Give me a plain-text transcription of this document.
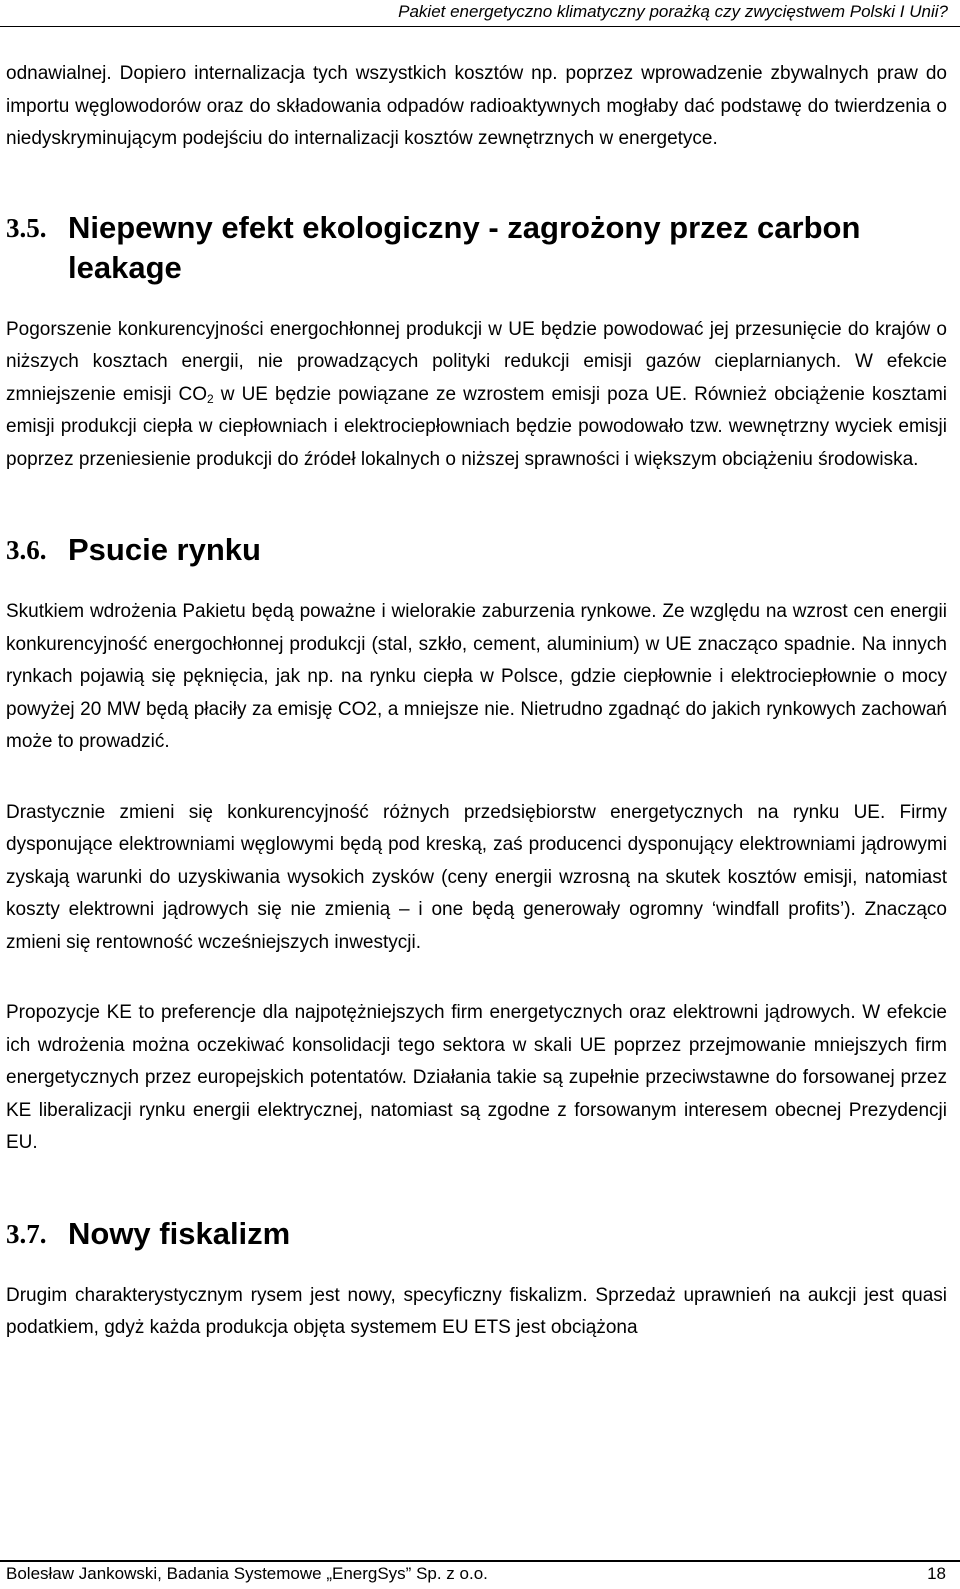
Pakiet energetyczno klimatyczny porażką czy zwycięstwem Polski I Unii?

odnawialnej. Dopiero internalizacja tych wszystkich kosztów np. poprzez wprowadzenie zbywalnych praw do importu węglowodorów oraz do składowania odpadów radioaktywnych mogłaby dać podstawę do twierdzenia o niedyskryminującym podejściu do internalizacji kosztów zewnętrznych w energetyce.

3.5. Niepewny efekt ekologiczny - zagrożony przez carbon leakage

Pogorszenie konkurencyjności energochłonnej produkcji w UE będzie powodować jej przesunięcie do krajów o niższych kosztach energii, nie prowadzących polityki redukcji emisji gazów cieplarnianych. W efekcie zmniejszenie emisji $CO_2$ w UE będzie powiązane ze wzrostem emisji poza UE. Również obciążenie kosztami emisji produkcji ciepła w ciepłowniach i elektrociepłowniach będzie powodowało tzw. wewnętrzny wyciek emisji poprzez przeniesienie produkcji do źródeł lokalnych o niższej sprawności i większym obciążeniu środowiska.

3.6. Psucie rynku

Skutkiem wdrożenia Pakietu będą poważne i wielorakie zaburzenia rynkowe. Ze względu na wzrost cen energii konkurencyjność energochłonnej produkcji (stal, szkło, cement, aluminium) w UE znacząco spadnie. Na innych rynkach pojawią się pęknięcia, jak np. na rynku ciepła w Polsce, gdzie ciepłownie i elektrociepłownie o mocy powyżej 20 MW będą płaciły za emisję CO2, a mniejsze nie. Nietrudno zgadnąć do jakich rynkowych zachowań może to prowadzić.

Drastycznie zmieni się konkurencyjność różnych przedsiębiorstw energetycznych na rynku UE. Firmy dysponujące elektrowniami węglowymi będą pod kreską, zaś producenci dysponujący elektrowniami jądrowymi zyskają warunki do uzyskiwania wysokich zysków (ceny energii wzrosną na skutek kosztów emisji, natomiast koszty elektrowni jądrowych się nie zmienią – i one będą generowały ogromny ‘windfall profits’). Znacząco zmieni się rentowność wcześniejszych inwestycji.

Propozycje KE to preferencje dla najpotężniejszych firm energetycznych oraz elektrowni jądrowych. W efekcie ich wdrożenia można oczekiwać konsolidacji tego sektora w skali UE poprzez przejmowanie mniejszych firm energetycznych przez europejskich potentatów. Działania takie są zupełnie przeciwstawne do forsowanej przez KE liberalizacji rynku energii elektrycznej, natomiast są zgodne z forsowanym interesem obecnej Prezydencji EU.

3.7. Nowy fiskalizm

Drugim charakterystycznym rysem jest nowy, specyficzny fiskalizm. Sprzedaż uprawnień na aukcji jest quasi podatkiem, gdyż każda produkcja objęta systemem EU ETS jest obciążona

Bolesław Jankowski, Badania Systemowe „EnergSys” Sp. z o.o.	18
